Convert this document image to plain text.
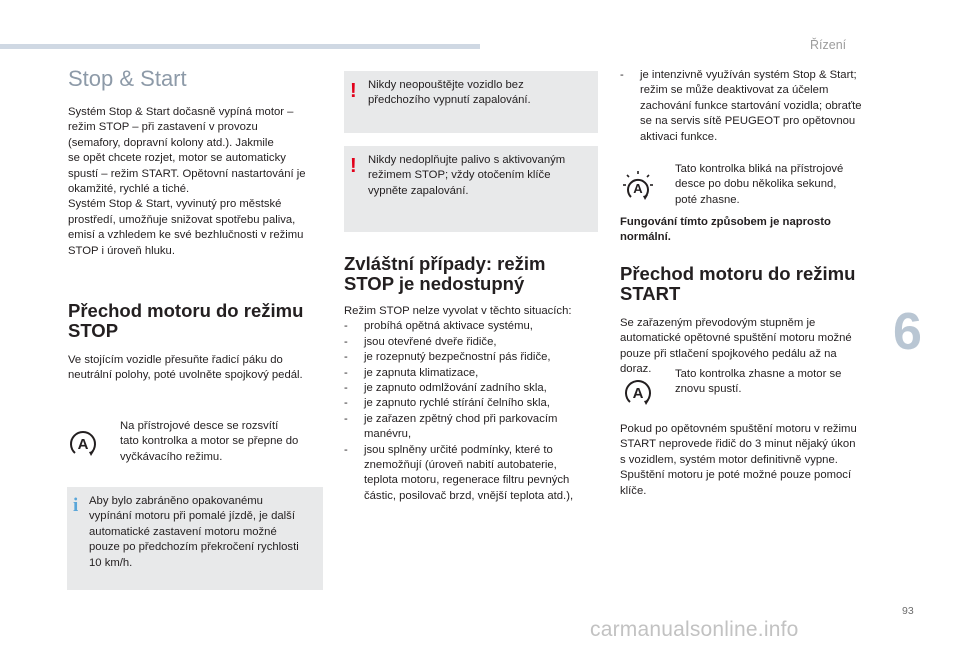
Řízení
6
93
carmanualsonline.info
Stop & Start

Systém Stop & Start dočasně vypíná motor –
režim STOP – při zastavení v provozu
(semafory, dopravní kolony atd.). Jakmile
se opět chcete rozjet, motor se automaticky
spustí – režim START. Opětovní nastartování je
okamžité, rychlé a tiché.
Systém Stop & Start, vyvinutý pro městské
prostředí, umožňuje snižovat spotřebu paliva,
emisí a vzhledem ke své bezhlučnosti v režimu
STOP i úroveň hluku.

Přechod motoru do režimu
STOP

Ve stojícím vozidle přesuňte řadicí páku do
neutrální polohy, poté uvolněte spojkový pedál.

A

Na přístrojové desce se rozsvítí
tato kontrolka a motor se přepne do
vyčkávacího režimu.

i Aby bylo zabráněno opakovanému
vypínání motoru při pomalé jízdě, je další
automatické zastavení motoru možné
pouze po předchozím překročení rychlosti
10 km/h.
! Nikdy neopouštějte vozidlo bez
předchozího vypnutí zapalování.
! Nikdy nedoplňujte palivo s aktivovaným
režimem STOP; vždy otočením klíče
vypněte zapalování.
Zvláštní případy: režim
STOP je nedostupný

Režim STOP nelze vyvolat v těchto situacích:

- probíhá opětná aktivace systému,
- jsou otevřené dveře řidiče,
- je rozepnutý bezpečnostní pás řidiče,
- je zapnuta klimatizace,
- je zapnuto odmlžování zadního skla,
- je zapnuto rychlé stírání čelního skla,
- je zařazen zpětný chod při parkovacím
manévru,
- jsou splněny určité podmínky, které to
znemožňují (úroveň nabití autobaterie,
teplota motoru, regenerace filtru pevných
částic, posilovač brzd, vnější teplota atd.),
- je intenzivně využíván systém Stop & Start;
režim se může deaktivovat za účelem
zachování funkce startování vozidla; obraťte
se na servis sítě PEUGEOT pro opětovnou
aktivaci funkce.
A

Tato kontrolka bliká na přístrojové
desce po dobu několika sekund,
poté zhasne.

Fungování tímto způsobem je naprosto
normální.

Přechod motoru do režimu
START

Se zařazeným převodovým stupněm je
automatické opětovné spuštění motoru možné
pouze při stlačení spojkového pedálu až na
doraz.

A

Tato kontrolka zhasne a motor se
znovu spustí.

Pokud po opětovném spuštění motoru v režimu
START neprovede řidič do 3 minut nějaký úkon
s vozidlem, systém motor definitivně vypne.
Spuštění motoru je poté možné pouze pomocí
klíče.
